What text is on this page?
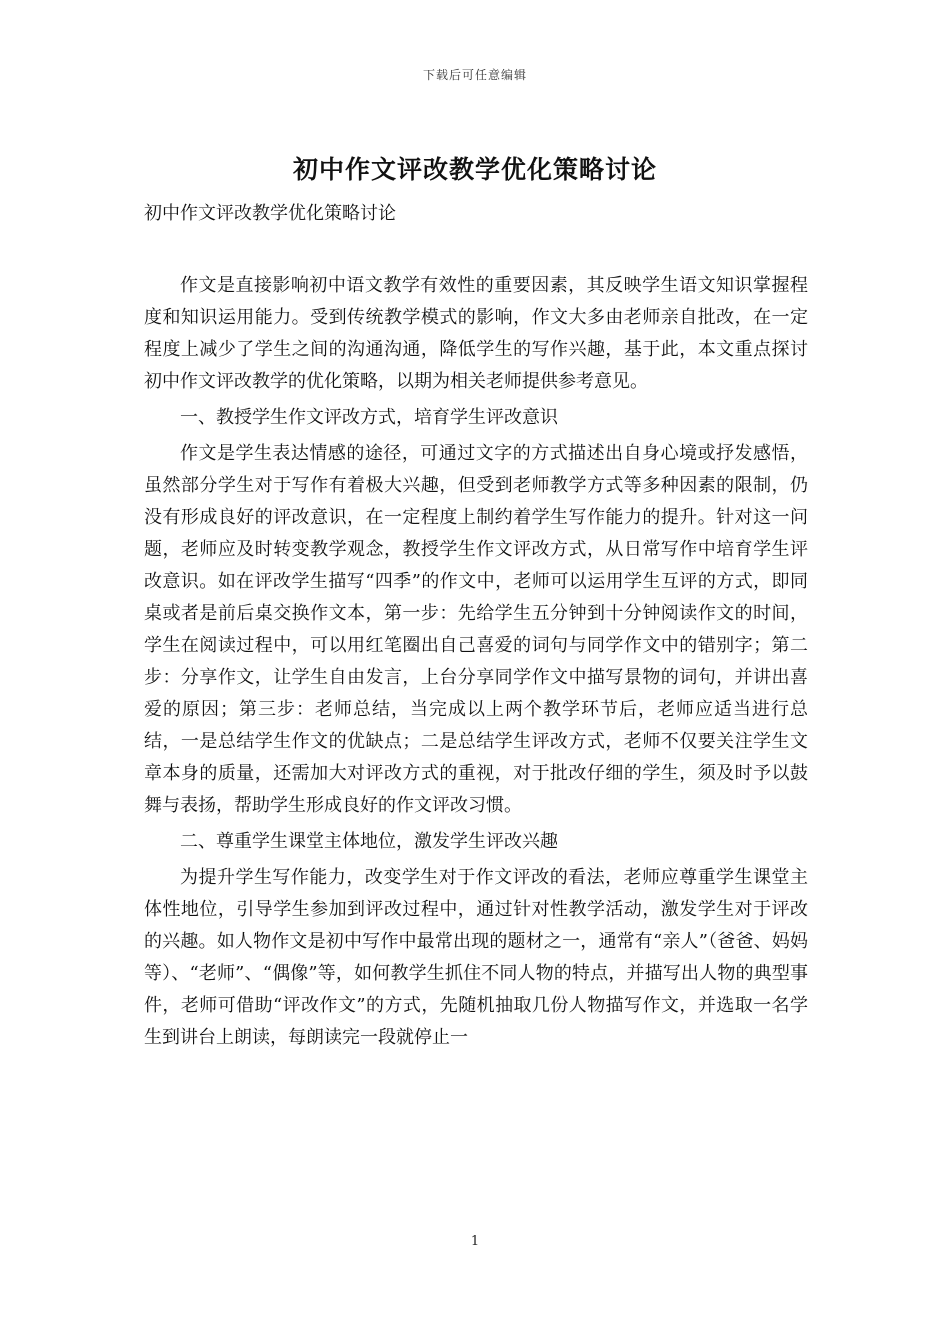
下载后可任意编辑
初中作文评改教学优化策略讨论

初中作文评改教学优化策略讨论

作文是直接影响初中语文教学有效性的重要因素，其反映学生语文知识掌握程度和知识运用能力。受到传统教学模式的影响，作文大多由老师亲自批改，在一定程度上减少了学生之间的沟通沟通，降低学生的写作兴趣，基于此，本文重点探讨初中作文评改教学的优化策略，以期为相关老师提供参考意见。

一、教授学生作文评改方式，培育学生评改意识

作文是学生表达情感的途径，可通过文字的方式描述出自身心境或抒发感悟，虽然部分学生对于写作有着极大兴趣，但受到老师教学方式等多种因素的限制，仍没有形成良好的评改意识，在一定程度上制约着学生写作能力的提升。针对这一问题，老师应及时转变教学观念，教授学生作文评改方式，从日常写作中培育学生评改意识。如在评改学生描写“四季”的作文中，老师可以运用学生互评的方式，即同桌或者是前后桌交换作文本，第一步：先给学生五分钟到十分钟阅读作文的时间，学生在阅读过程中，可以用红笔圈出自己喜爱的词句与同学作文中的错别字；第二步：分享作文，让学生自由发言，上台分享同学作文中描写景物的词句，并讲出喜爱的原因；第三步：老师总结，当完成以上两个教学环节后，老师应适当进行总结，一是总结学生作文的优缺点；二是总结学生评改方式，老师不仅要关注学生文章本身的质量，还需加大对评改方式的重视，对于批改仔细的学生，须及时予以鼓舞与表扬，帮助学生形成良好的作文评改习惯。

二、尊重学生课堂主体地位，激发学生评改兴趣

为提升学生写作能力，改变学生对于作文评改的看法，老师应尊重学生课堂主体性地位，引导学生参加到评改过程中，通过针对性教学活动，激发学生对于评改的兴趣。如人物作文是初中写作中最常出现的题材之一，通常有“亲人”（爸爸、妈妈等）、“老师”、“偶像”等，如何教学生抓住不同人物的特点，并描写出人物的典型事件，老师可借助“评改作文”的方式，先随机抽取几份人物描写作文，并选取一名学生到讲台上朗读，每朗读完一段就停止一

1
